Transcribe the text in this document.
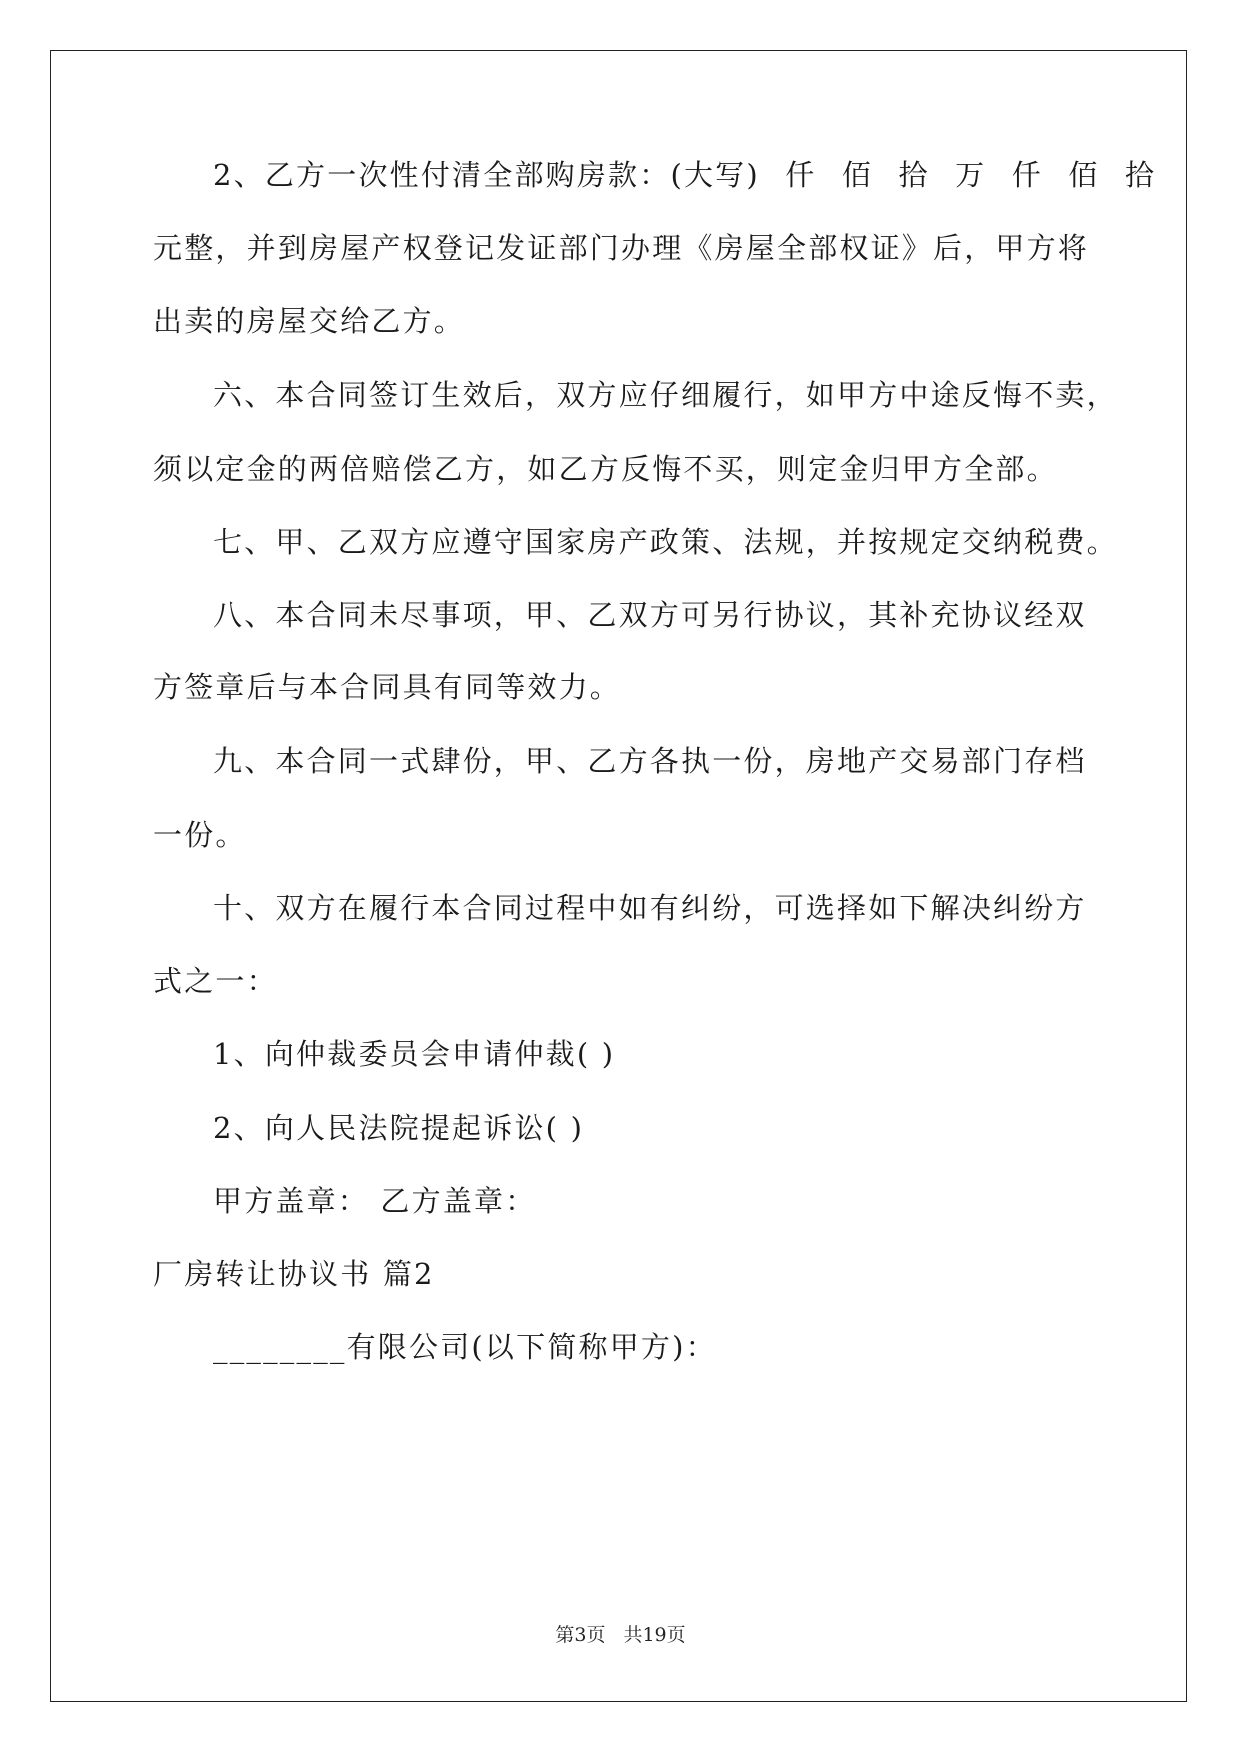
2、乙方一次性付清全部购房款：(大写) 仟 佰 拾 万 仟 佰 拾
元整，并到房屋产权登记发证部门办理《房屋全部权证》后，甲方将
出卖的房屋交给乙方。
六、本合同签订生效后，双方应仔细履行，如甲方中途反悔不卖，
须以定金的两倍赔偿乙方，如乙方反悔不买，则定金归甲方全部。
七、甲、乙双方应遵守国家房产政策、法规，并按规定交纳税费。
八、本合同未尽事项，甲、乙双方可另行协议，其补充协议经双
方签章后与本合同具有同等效力。
九、本合同一式肆份，甲、乙方各执一份，房地产交易部门存档
一份。
十、双方在履行本合同过程中如有纠纷，可选择如下解决纠纷方
式之一：
1、向仲裁委员会申请仲裁( )
2、向人民法院提起诉讼( )
甲方盖章： 乙方盖章：
厂房转让协议书 篇2
________有限公司(以下简称甲方)：
第3页 共19页
